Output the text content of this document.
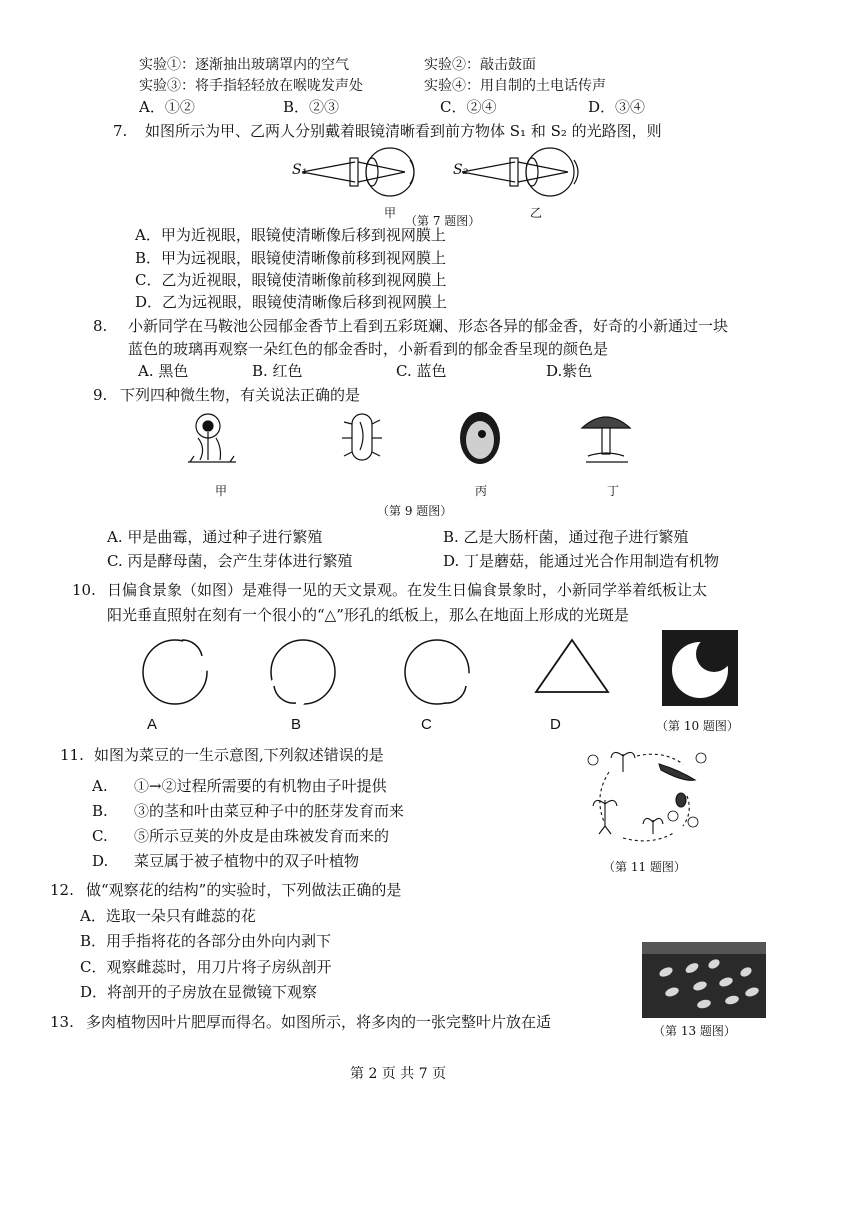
实验①：逐渐抽出玻璃罩内的空气	实验②：敲击鼓面
实验③：将手指轻轻放在喉咙发声处	实验④：用自制的土电话传声
A．①②	B．②③	C．②④	D．③④
7. 如图所示为甲、乙两人分别戴着眼镜清晰看到前方物体 S₁ 和 S₂ 的光路图，则
S₁	S₂
甲
（第 7 题图）
乙
A．甲为近视眼，眼镜使清晰像后移到视网膜上
B．甲为远视眼，眼镜使清晰像前移到视网膜上
C．乙为近视眼，眼镜使清晰像前移到视网膜上
D．乙为远视眼，眼镜使清晰像后移到视网膜上
8. 小新同学在马鞍池公园郁金香节上看到五彩斑斓、形态各异的郁金香，好奇的小新通过一块
蓝色的玻璃再观察一朵红色的郁金香时，小新看到的郁金香呈现的颜色是
A. 黑色	B. 红色	C. 蓝色	D.紫色
9. 下列四种微生物，有关说法正确的是
甲	丙	丁
（第 9 题图）
A. 甲是曲霉，通过种子进行繁殖	B. 乙是大肠杆菌，通过孢子进行繁殖
C. 丙是酵母菌，会产生芽体进行繁殖	D. 丁是蘑菇，能通过光合作用制造有机物
10. 日偏食景象（如图）是难得一见的天文景观。在发生日偏食景象时，小新同学举着纸板让太
阳光垂直照射在刻有一个很小的“△”形孔的纸板上，那么在地面上形成的光斑是
A	B	C	D	（第 10 题图）
11. 如图为菜豆的一生示意图,下列叙述错误的是
A. ①→②过程所需要的有机物由子叶提供
B. ③的茎和叶由菜豆种子中的胚芽发育而来
C. ⑤所示豆荚的外皮是由珠被发育而来的
D. 菜豆属于被子植物中的双子叶植物	（第 11 题图）
12. 做“观察花的结构”的实验时，下列做法正确的是
A．选取一朵只有雌蕊的花
B．用手指将花的各部分由外向内剥下
C．观察雌蕊时，用刀片将子房纵剖开
D．将剖开的子房放在显微镜下观察
（第 13 题图）
13. 多肉植物因叶片肥厚而得名。如图所示，将多肉的一张完整叶片放在适
第 2 页 共 7 页
